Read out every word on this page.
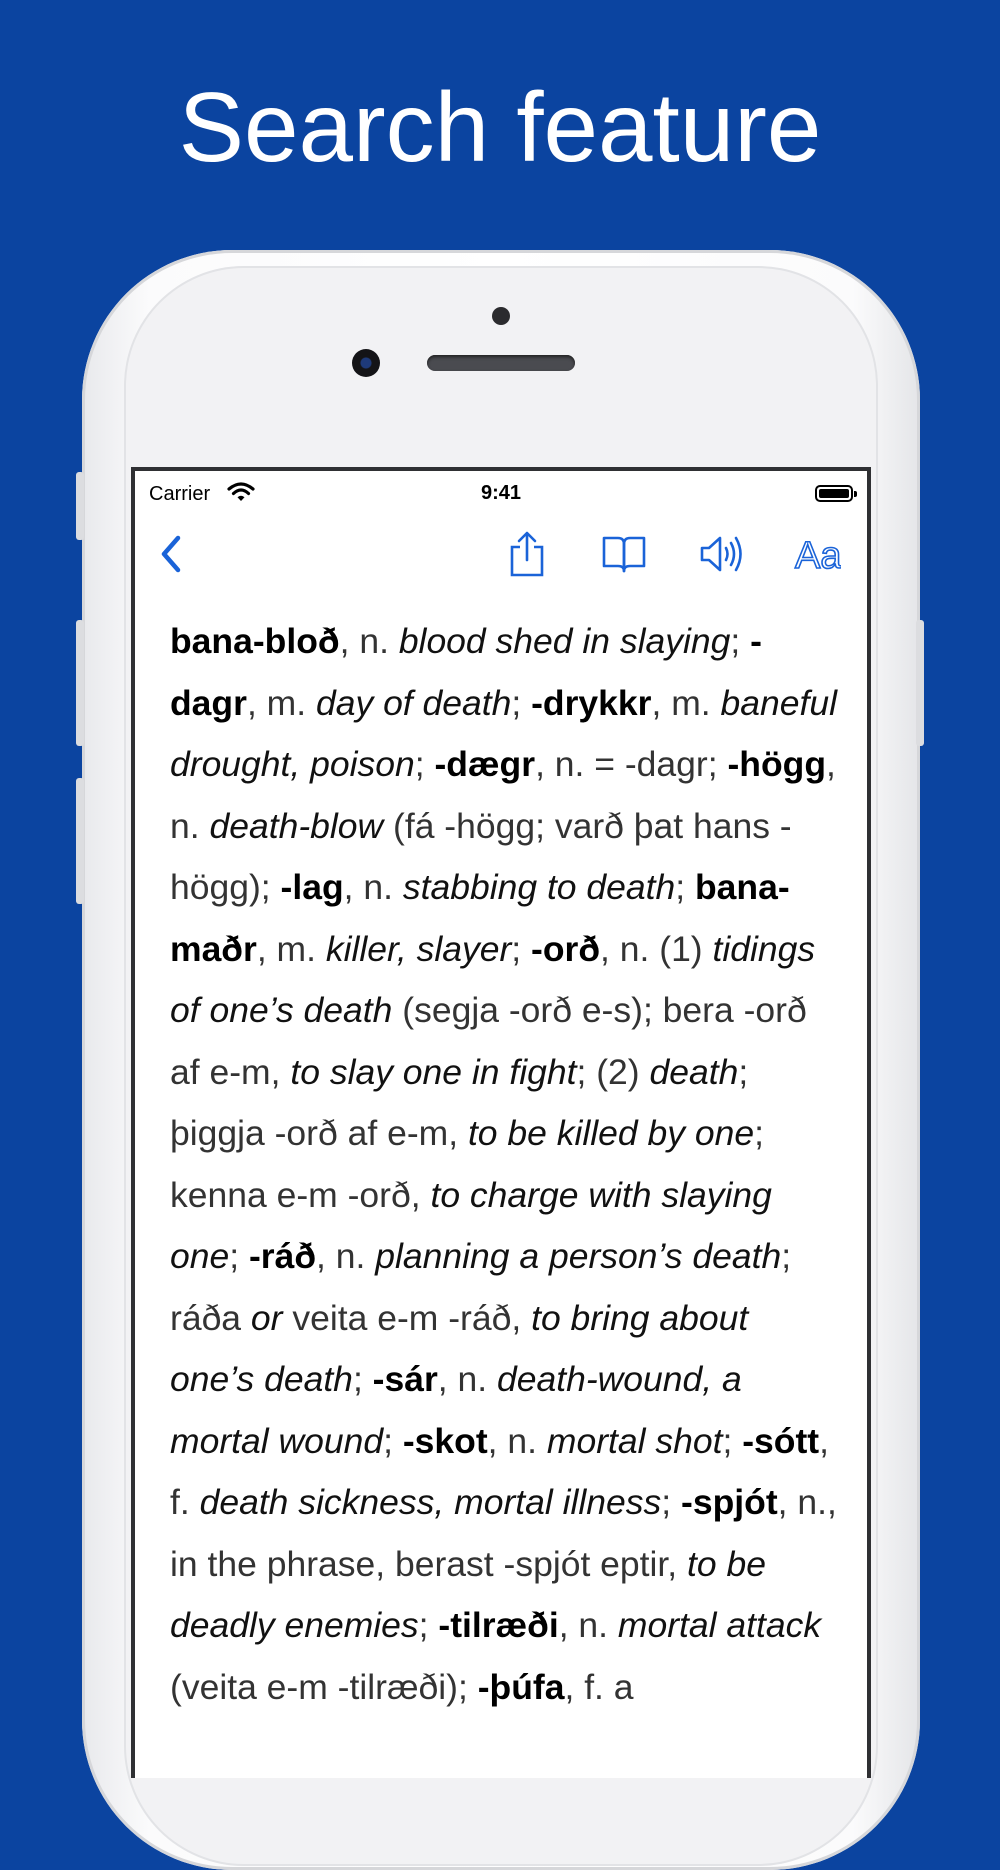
Search feature
Carrier	9:41
Aa
bana-bloð, n. blood shed in slaying; -dagr, m. day of death; -drykkr, m. baneful drought, poison; -dægr, n. = -dagr; -högg, n. death-blow (fá -högg; varð þat hans -högg); -lag, n. stabbing to death; bana-maðr, m. killer, slayer; -orð, n. (1) tidings of one’s death (segja -orð e-s); bera -orð af e-m, to slay one in fight; (2) death; þiggja -orð af e-m, to be killed by one; kenna e-m -orð, to charge with slaying one; -ráð, n. planning a person’s death; ráða or veita e-m -ráð, to bring about one’s death; -sár, n. death-wound, a mortal wound; -skot, n. mortal shot; -sótt, f. death sickness, mortal illness; -spjót, n., in the phrase, berast -spjót eptir, to be deadly enemies; -tilræði, n. mortal attack (veita e-m -tilræði); -þúfa, f. a
